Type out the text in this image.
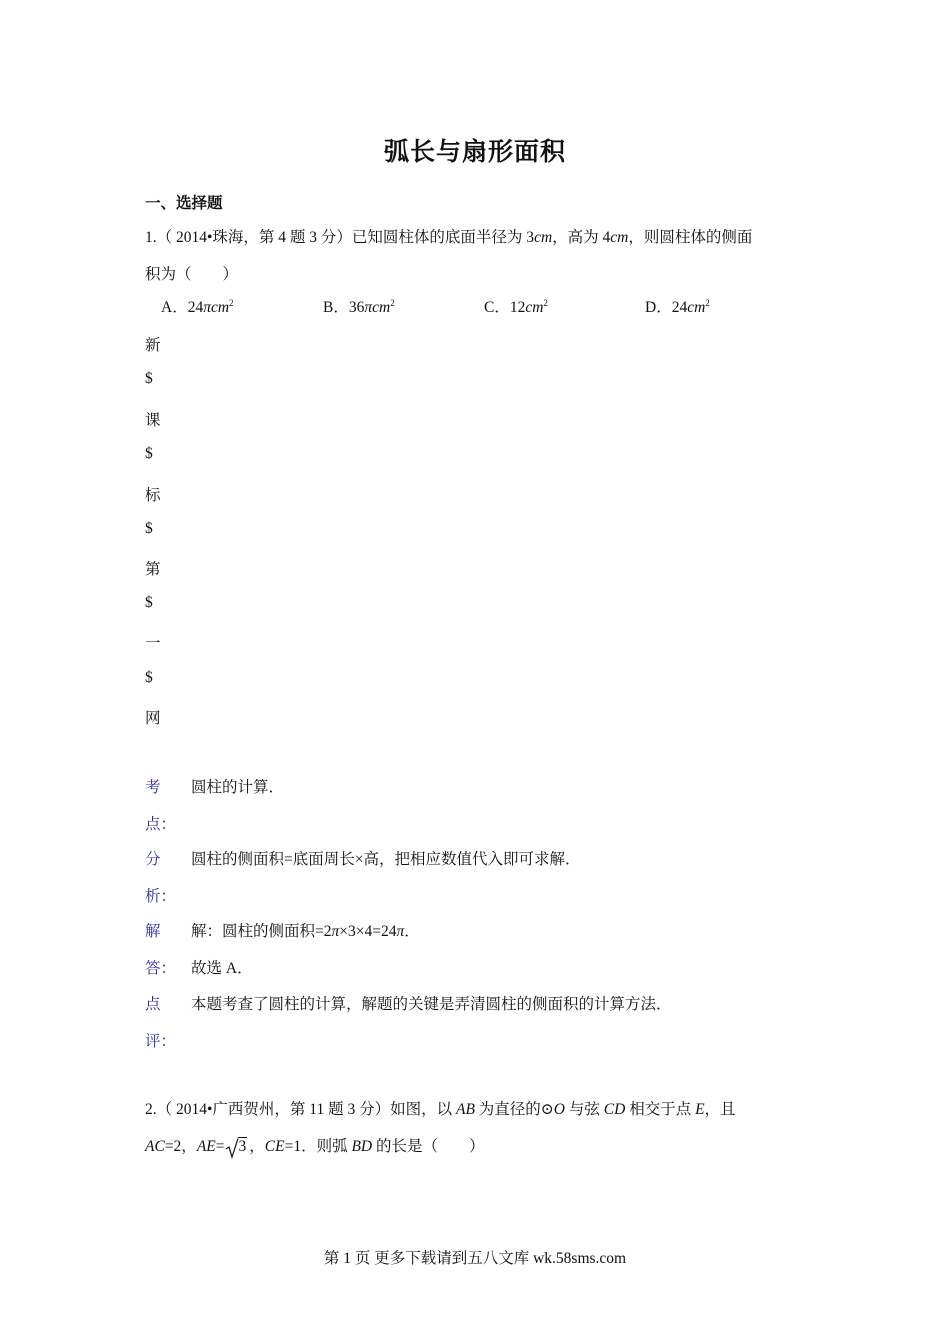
弧长与扇形面积
一、选择题
1.（ 2014•珠海，第 4 题 3 分）已知圆柱体的底面半径为 3cm，高为 4cm，则圆柱体的侧面
积为（　　）
A．24πcm$^2$	B．36πcm$^2$	C．$12cm^2$	D．$24cm^2$
新
$
课
$
标
$
第
$
一
$
网
考
点：
圆柱的计算．
分
析：
圆柱的侧面积=底面周长×高，把相应数值代入即可求解．
解
答：
解：圆柱的侧面积=2π×3×4=24π．
故选 A．
点
评：
本题考查了圆柱的计算，解题的关键是弄清圆柱的侧面积的计算方法．
2.（ 2014•广西贺州，第 11 题 3 分）如图，以 AB 为直径的⊙O 与弦 CD 相交于点 E，且
AC=2，AE= 3 ，CE=1．则弧 BD 的长是（　　）
第 1 页 更多下载请到五八文库 wk.58sms.com
